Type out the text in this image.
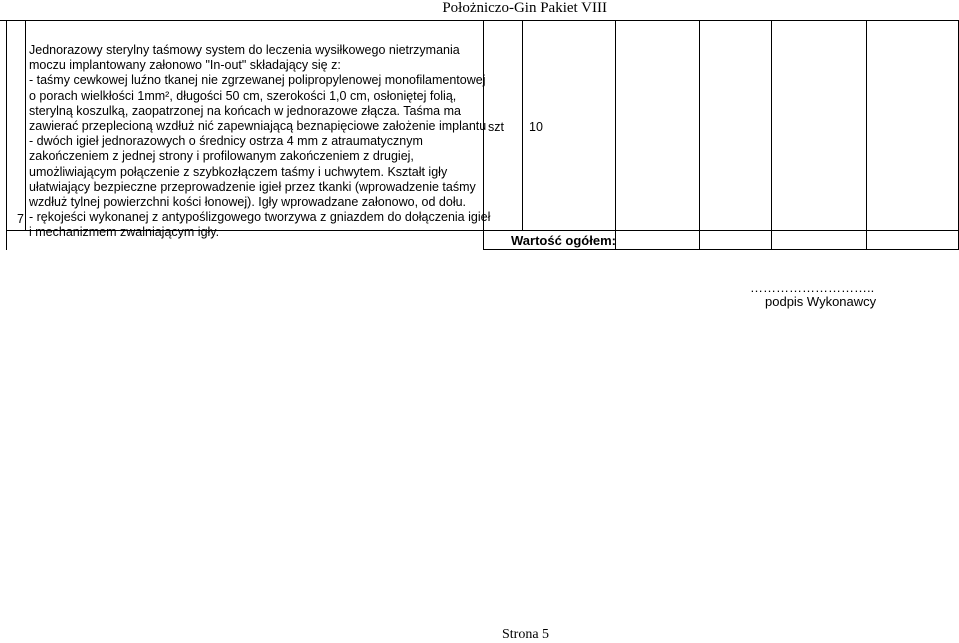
Położniczo-Gin Pakiet VIII
Jednorazowy sterylny taśmowy system do leczenia wysiłkowego nietrzymania
moczu implantowany załonowo "In-out" składający się z:
- taśmy cewkowej luźno tkanej nie zgrzewanej polipropylenowej monofilamentowej
o porach wielkłości 1mm², długości 50 cm, szerokości 1,0 cm, osłoniętej folią,
sterylną koszulką, zaopatrzonej na końcach w jednorazowe złącza. Taśma ma
zawierać przeplecioną wzdłuż nić zapewniającą beznapięciowe założenie implantu
- dwóch igieł jednorazowych o średnicy ostrza 4 mm z atraumatycznym
zakończeniem z jednej strony i profilowanym zakończeniem z drugiej,
umożliwiającym połączenie z szybkozłączem taśmy i uchwytem. Kształt igły
ułatwiający bezpieczne przeprowadzenie igieł przez tkanki (wprowadzenie taśmy
wzdłuż tylnej powierzchni kości łonowej). Igły wprowadzane załonowo, od dołu.
- rękojeści wykonanej z antypoślizgowego tworzywa z gniazdem do dołączenia igieł
i mechanizmem zwalniającym igły.
7
szt 10
Wartość ogółem:
………………………..
podpis Wykonawcy
Strona 5
